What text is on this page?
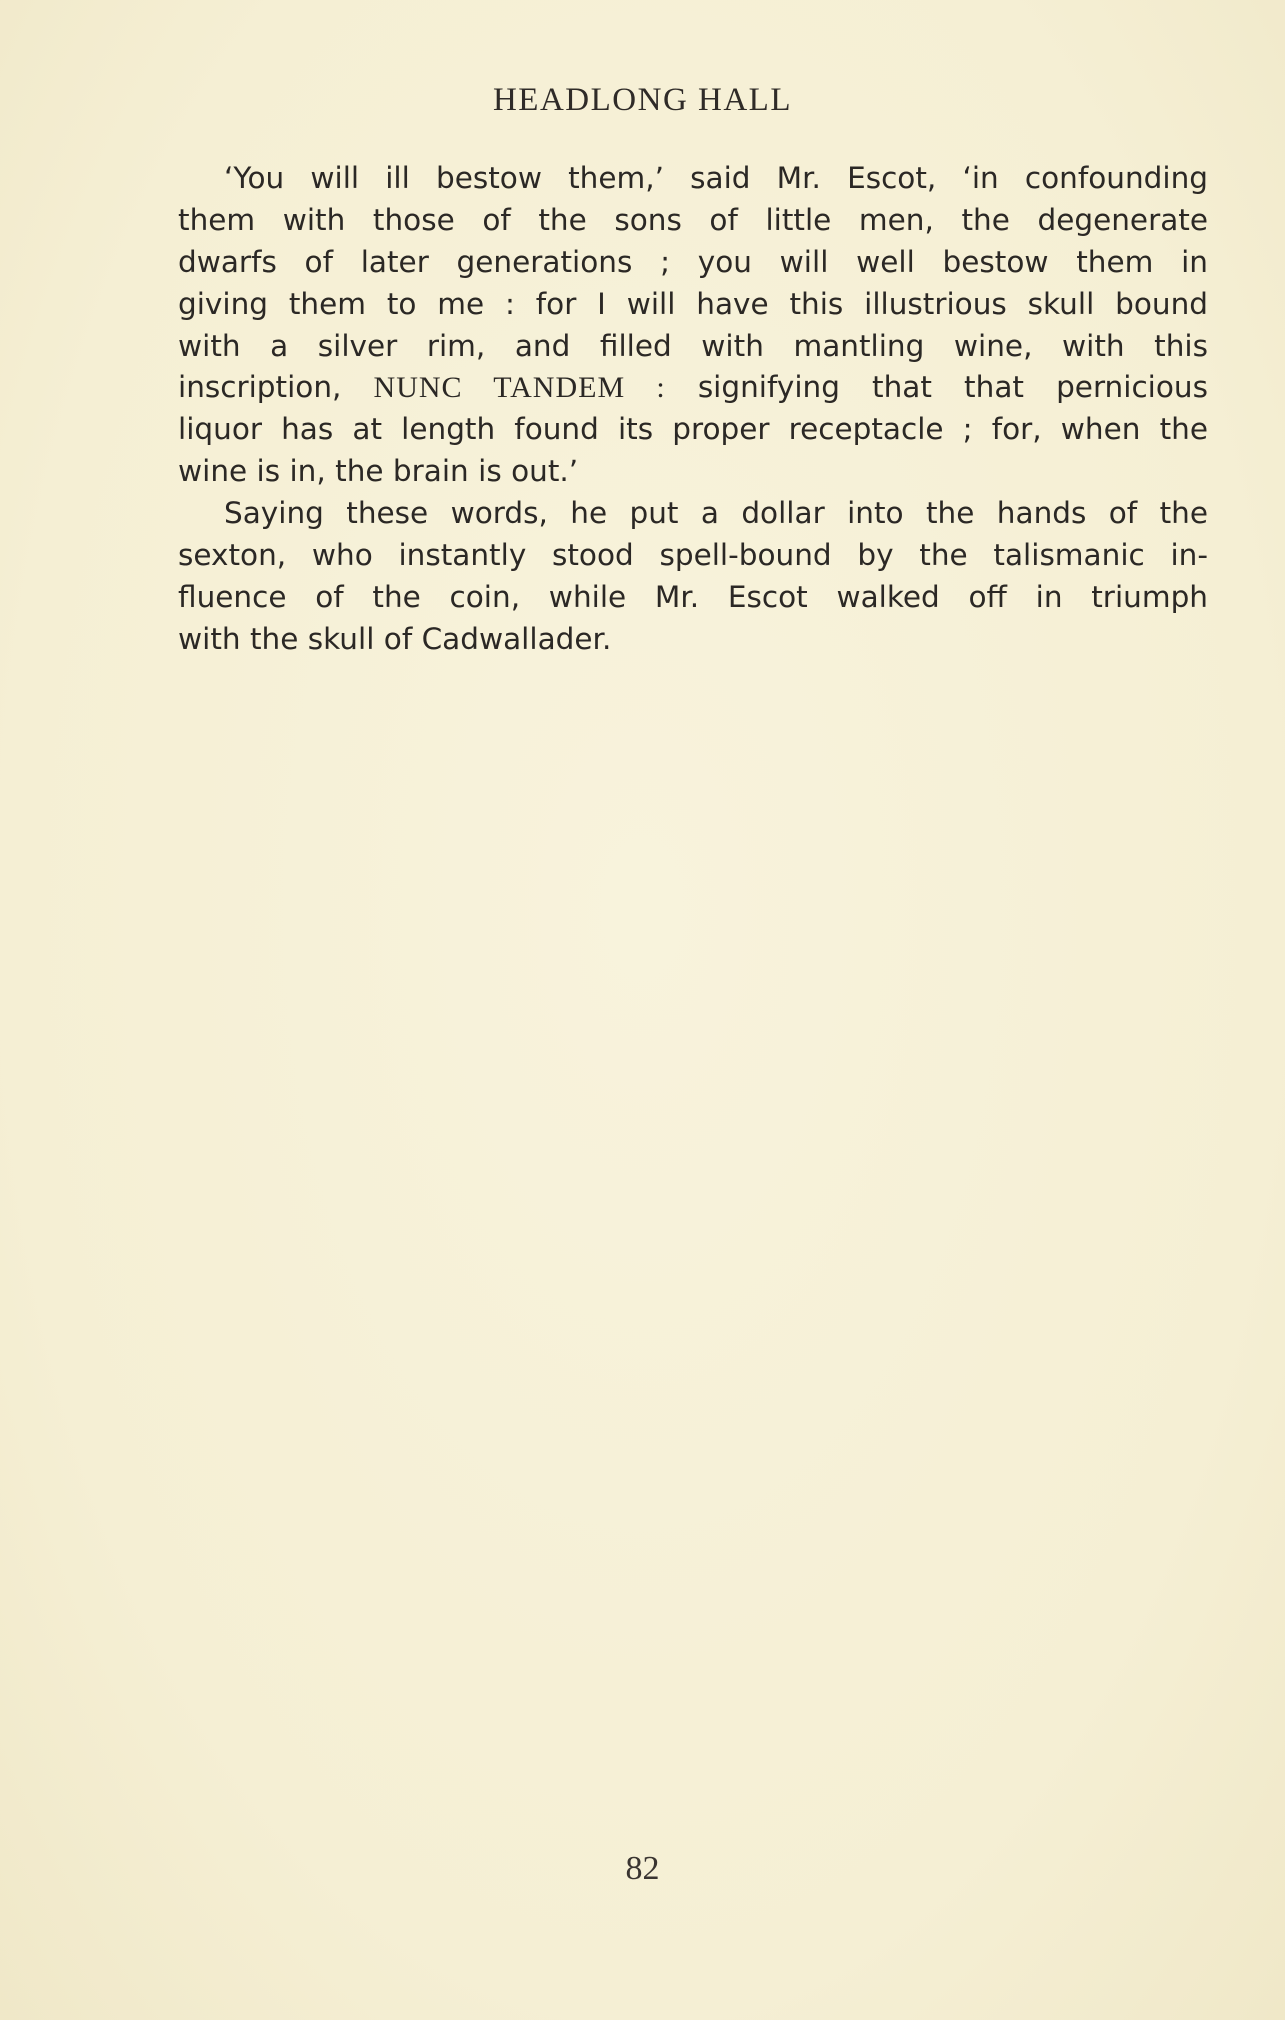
HEADLONG HALL
‘You will ill bestow them,’ said Mr. Escot, ‘in confounding
them with those of the sons of little men, the degenerate
dwarfs of later generations ; you will well bestow them in
giving them to me : for I will have this illustrious skull bound
with a silver rim, and filled with mantling wine, with this
inscription, NUNC TANDEM : signifying that that pernicious
liquor has at length found its proper receptacle ; for, when the
wine is in, the brain is out.’
Saying these words, he put a dollar into the hands of the
sexton, who instantly stood spell-bound by the talismanic in-
fluence of the coin, while Mr. Escot walked off in triumph
with the skull of Cadwallader.
82
